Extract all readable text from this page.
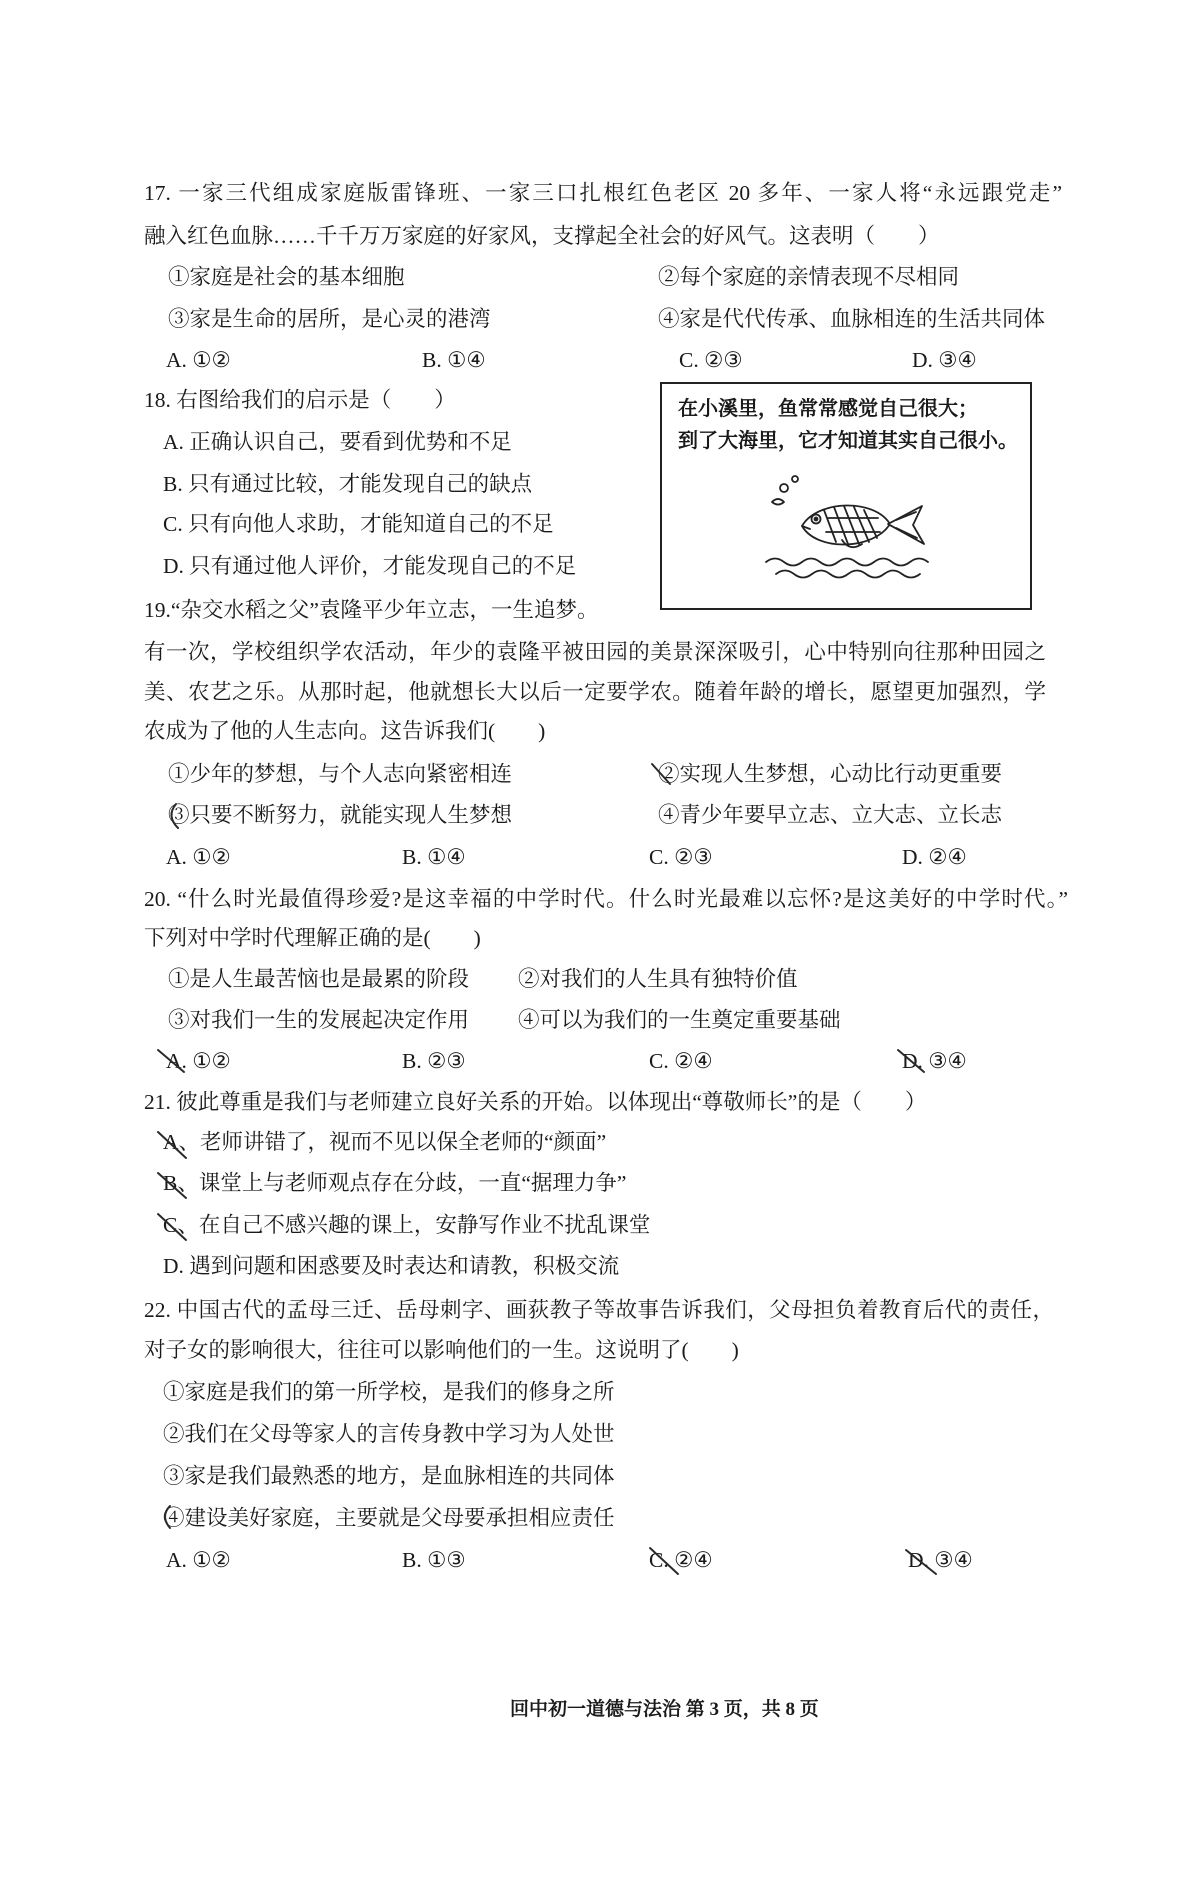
17. 一家三代组成家庭版雷锋班、一家三口扎根红色老区 20 多年、一家人将“永远跟党走”
融入红色血脉……千千万万家庭的好家风，支撑起全社会的好风气。这表明（　　）
①家庭是社会的基本细胞	②每个家庭的亲情表现不尽相同
③家是生命的居所，是心灵的港湾	④家是代代传承、血脉相连的生活共同体
A. ①②	B. ①④	C. ②③	D. ③④
18. 右图给我们的启示是（　　）
A. 正确认识自己，要看到优势和不足
B. 只有通过比较，才能发现自己的缺点
C. 只有向他人求助，才能知道自己的不足
D. 只有通过他人评价，才能发现自己的不足
在小溪里，鱼常常感觉自己很大；
到了大海里，它才知道其实自己很小。
19.“杂交水稻之父”袁隆平少年立志，一生追梦。
有一次，学校组织学农活动，年少的袁隆平被田园的美景深深吸引，心中特别向往那种田园之
美、农艺之乐。从那时起，他就想长大以后一定要学农。随着年龄的增长，愿望更加强烈，学
农成为了他的人生志向。这告诉我们(　　)
①少年的梦想，与个人志向紧密相连	②实现人生梦想，心动比行动更重要
③只要不断努力，就能实现人生梦想	④青少年要早立志、立大志、立长志
A. ①②	B. ①④	C. ②③	D. ②④
20. “什么时光最值得珍爱?是这幸福的中学时代。什么时光最难以忘怀?是这美好的中学时代。”
下列对中学时代理解正确的是(　　)
①是人生最苦恼也是最累的阶段 ②对我们的人生具有独特价值
③对我们一生的发展起决定作用 ④可以为我们的一生奠定重要基础
A. ①②	B. ②③	C. ②④	D. ③④
21. 彼此尊重是我们与老师建立良好关系的开始。以体现出“尊敬师长”的是（　　）
A、老师讲错了，视而不见以保全老师的“颜面”
B、课堂上与老师观点存在分歧，一直“据理力争”
C、在自己不感兴趣的课上，安静写作业不扰乱课堂
D. 遇到问题和困惑要及时表达和请教，积极交流
22. 中国古代的孟母三迁、岳母刺字、画荻教子等故事告诉我们，父母担负着教育后代的责任，
对子女的影响很大，往往可以影响他们的一生。这说明了(　　)
①家庭是我们的第一所学校，是我们的修身之所
②我们在父母等家人的言传身教中学习为人处世
③家是我们最熟悉的地方，是血脉相连的共同体
④建设美好家庭，主要就是父母要承担相应责任
A. ①②	B. ①③	C. ②④	D. ③④
回中初一道德与法治 第 3 页，共 8 页
